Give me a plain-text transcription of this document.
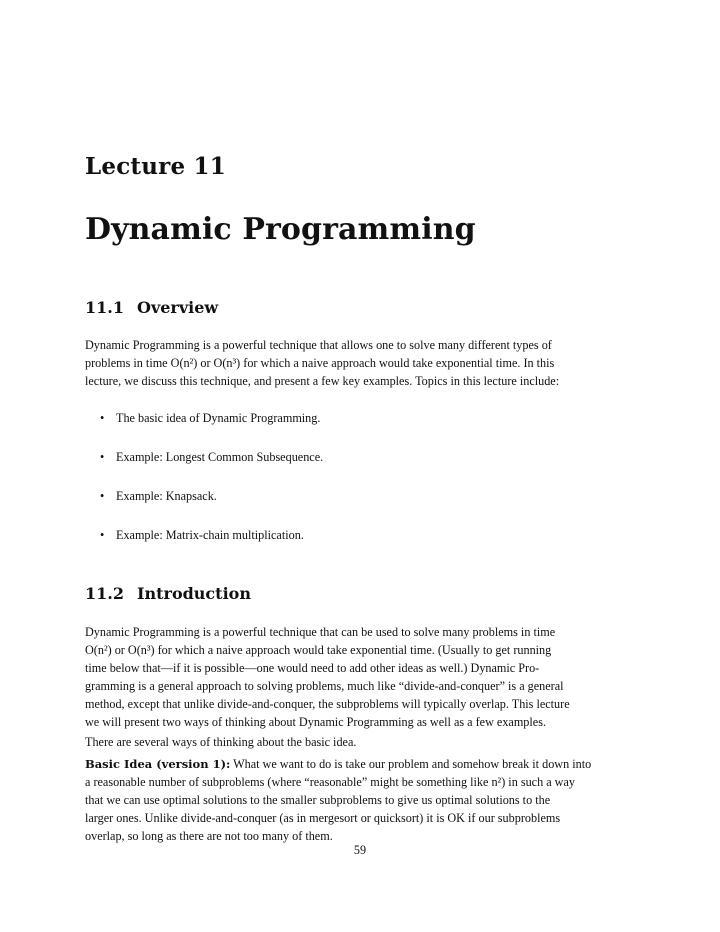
Lecture 11
Dynamic Programming
11.1 Overview
Dynamic Programming is a powerful technique that allows one to solve many different types of
problems in time O(n²) or O(n³) for which a naive approach would take exponential time. In this
lecture, we discuss this technique, and present a few key examples. Topics in this lecture include:
• The basic idea of Dynamic Programming.
• Example: Longest Common Subsequence.
• Example: Knapsack.
• Example: Matrix-chain multiplication.
11.2 Introduction
Dynamic Programming is a powerful technique that can be used to solve many problems in time
O(n²) or O(n³) for which a naive approach would take exponential time. (Usually to get running
time below that—if it is possible—one would need to add other ideas as well.) Dynamic Pro-
gramming is a general approach to solving problems, much like “divide-and-conquer” is a general
method, except that unlike divide-and-conquer, the subproblems will typically overlap. This lecture
we will present two ways of thinking about Dynamic Programming as well as a few examples.
There are several ways of thinking about the basic idea.
Basic Idea (version 1): What we want to do is take our problem and somehow break it down into
a reasonable number of subproblems (where “reasonable” might be something like n²) in such a way
that we can use optimal solutions to the smaller subproblems to give us optimal solutions to the
larger ones. Unlike divide-and-conquer (as in mergesort or quicksort) it is OK if our subproblems
overlap, so long as there are not too many of them.
59
